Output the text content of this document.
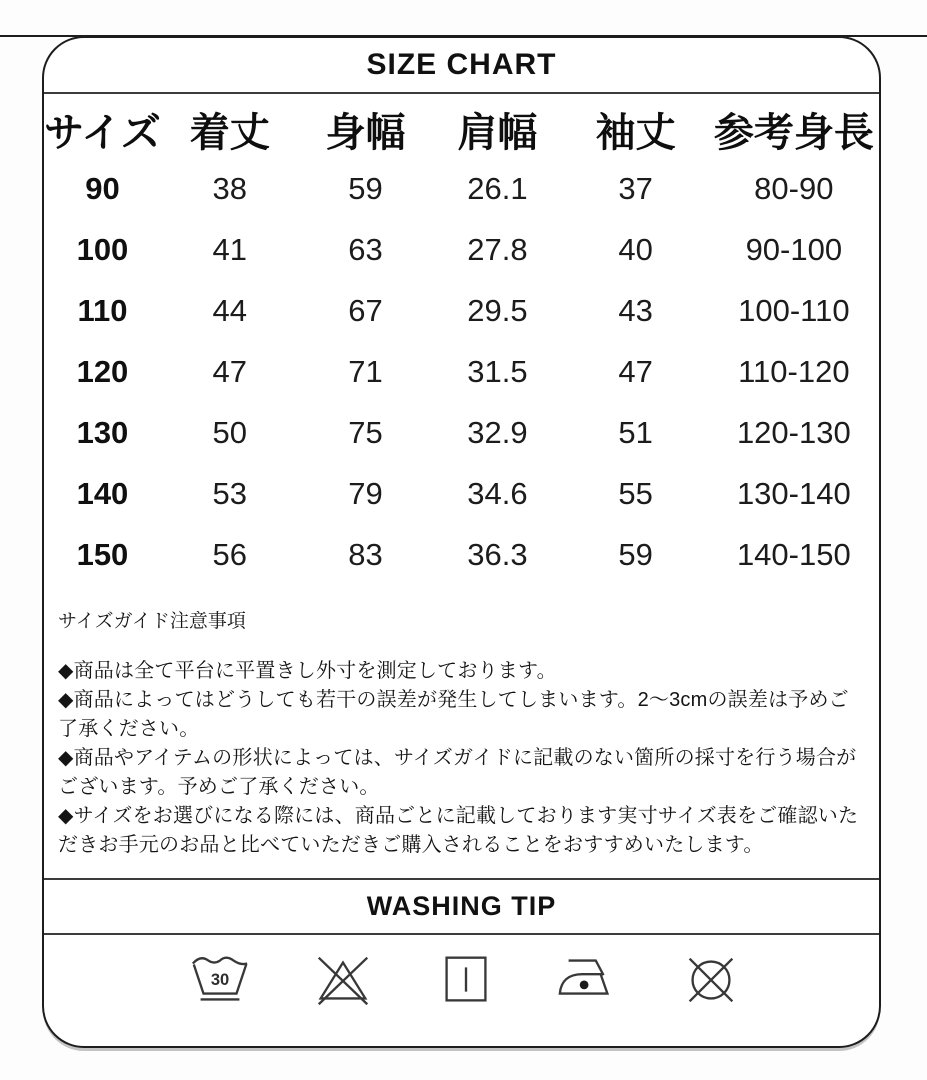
SIZE CHART
サイズ 着丈 身幅 肩幅 袖丈 参考身長
90	38	59	26.1	37	80-90
100	41	63	27.8	40	90-100
110	44	67	29.5	43	100-110
120	47	71	31.5	47	110-120
130	50	75	32.9	51	120-130
140	53	79	34.6	55	130-140
150	56	83	36.3	59	140-150

サイズガイド注意事項

◆商品は全て平台に平置きし外寸を測定しております。

◆商品によってはどうしても若干の誤差が発生してしまいます。2～3cmの誤差は予めご了承ください。

◆商品やアイテムの形状によっては、サイズガイドに記載のない箇所の採寸を行う場合がございます。予めご了承ください。

◆サイズをお選びになる際には、商品ごとに記載しております実寸サイズ表をご確認いただきお手元のお品と比べていただきご購入されることをおすすめいたします。

WASHING TIP
30
